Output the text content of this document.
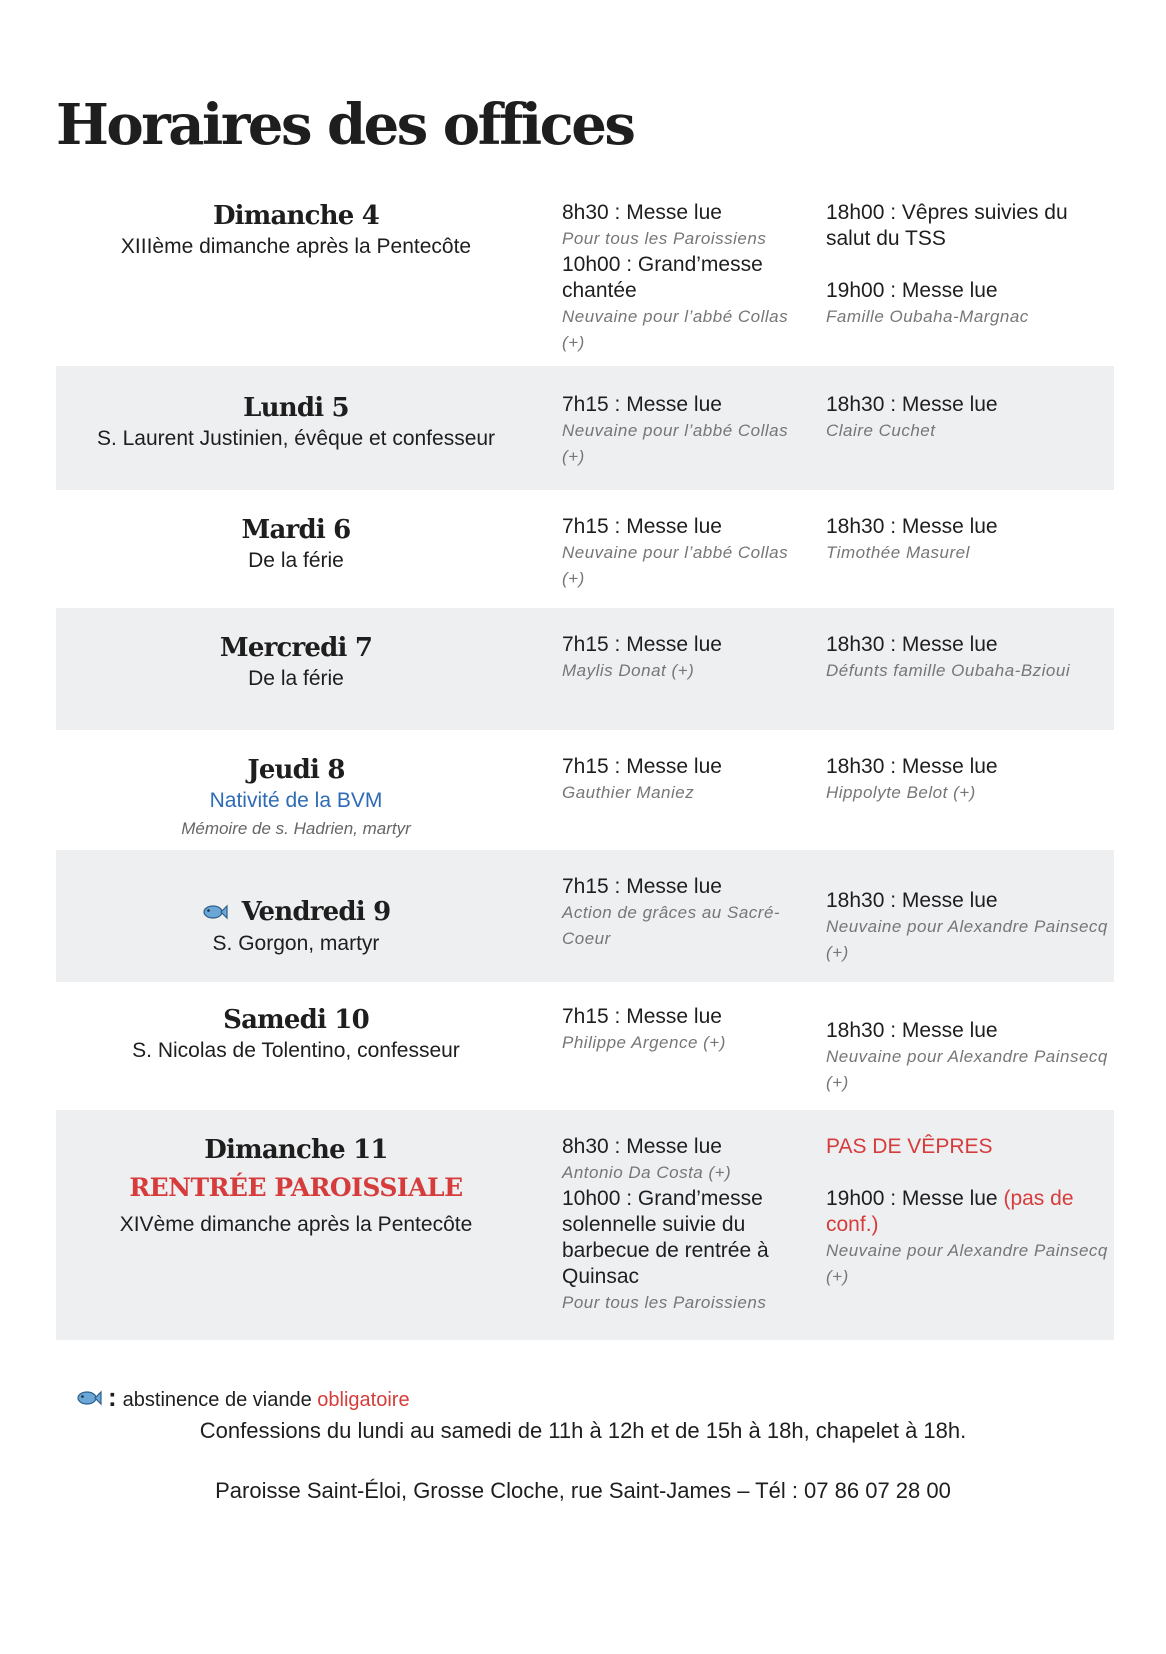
Horaires des offices
Dimanche 4
XIIIème dimanche après la Pentecôte
8h30 : Messe lue
Pour tous les Paroissiens
10h00 : Grand’messe chantée
Neuvaine pour l’abbé Collas (+)
18h00 : Vêpres suivies du salut du TSS
19h00 : Messe lue
Famille Oubaha-Margnac
Lundi 5
S. Laurent Justinien, évêque et confesseur
7h15 : Messe lue
Neuvaine pour l’abbé Collas (+)
18h30 : Messe lue
Claire Cuchet
Mardi 6
De la férie
7h15 : Messe lue
Neuvaine pour l’abbé Collas (+)
18h30 : Messe lue
Timothée Masurel
Mercredi 7
De la férie
7h15 : Messe lue
Maylis Donat (+)
18h30 : Messe lue
Défunts famille Oubaha-Bzioui
Jeudi 8
Nativité de la BVM
Mémoire de s. Hadrien, martyr
7h15 : Messe lue
Gauthier Maniez
18h30 : Messe lue
Hippolyte Belot (+)
Vendredi 9
S. Gorgon, martyr
7h15 : Messe lue
Action de grâces au Sacré-Coeur
18h30 : Messe lue
Neuvaine pour Alexandre Painsecq (+)
Samedi 10
S. Nicolas de Tolentino, confesseur
7h15 : Messe lue
Philippe Argence (+)
18h30 : Messe lue
Neuvaine pour Alexandre Painsecq (+)
Dimanche 11
RENTRÉE PAROISSIALE
XIVème dimanche après la Pentecôte
8h30 : Messe lue
Antonio Da Costa (+)
10h00 : Grand’messe solennelle suivie du barbecue de rentrée à Quinsac
Pour tous les Paroissiens
PAS DE VÊPRES
19h00 : Messe lue (pas de conf.)
Neuvaine pour Alexandre Painsecq (+)
: abstinence de viande obligatoire
Confessions du lundi au samedi de 11h à 12h et de 15h à 18h, chapelet à 18h.
Paroisse Saint-Éloi, Grosse Cloche, rue Saint-James – Tél : 07 86 07 28 00
